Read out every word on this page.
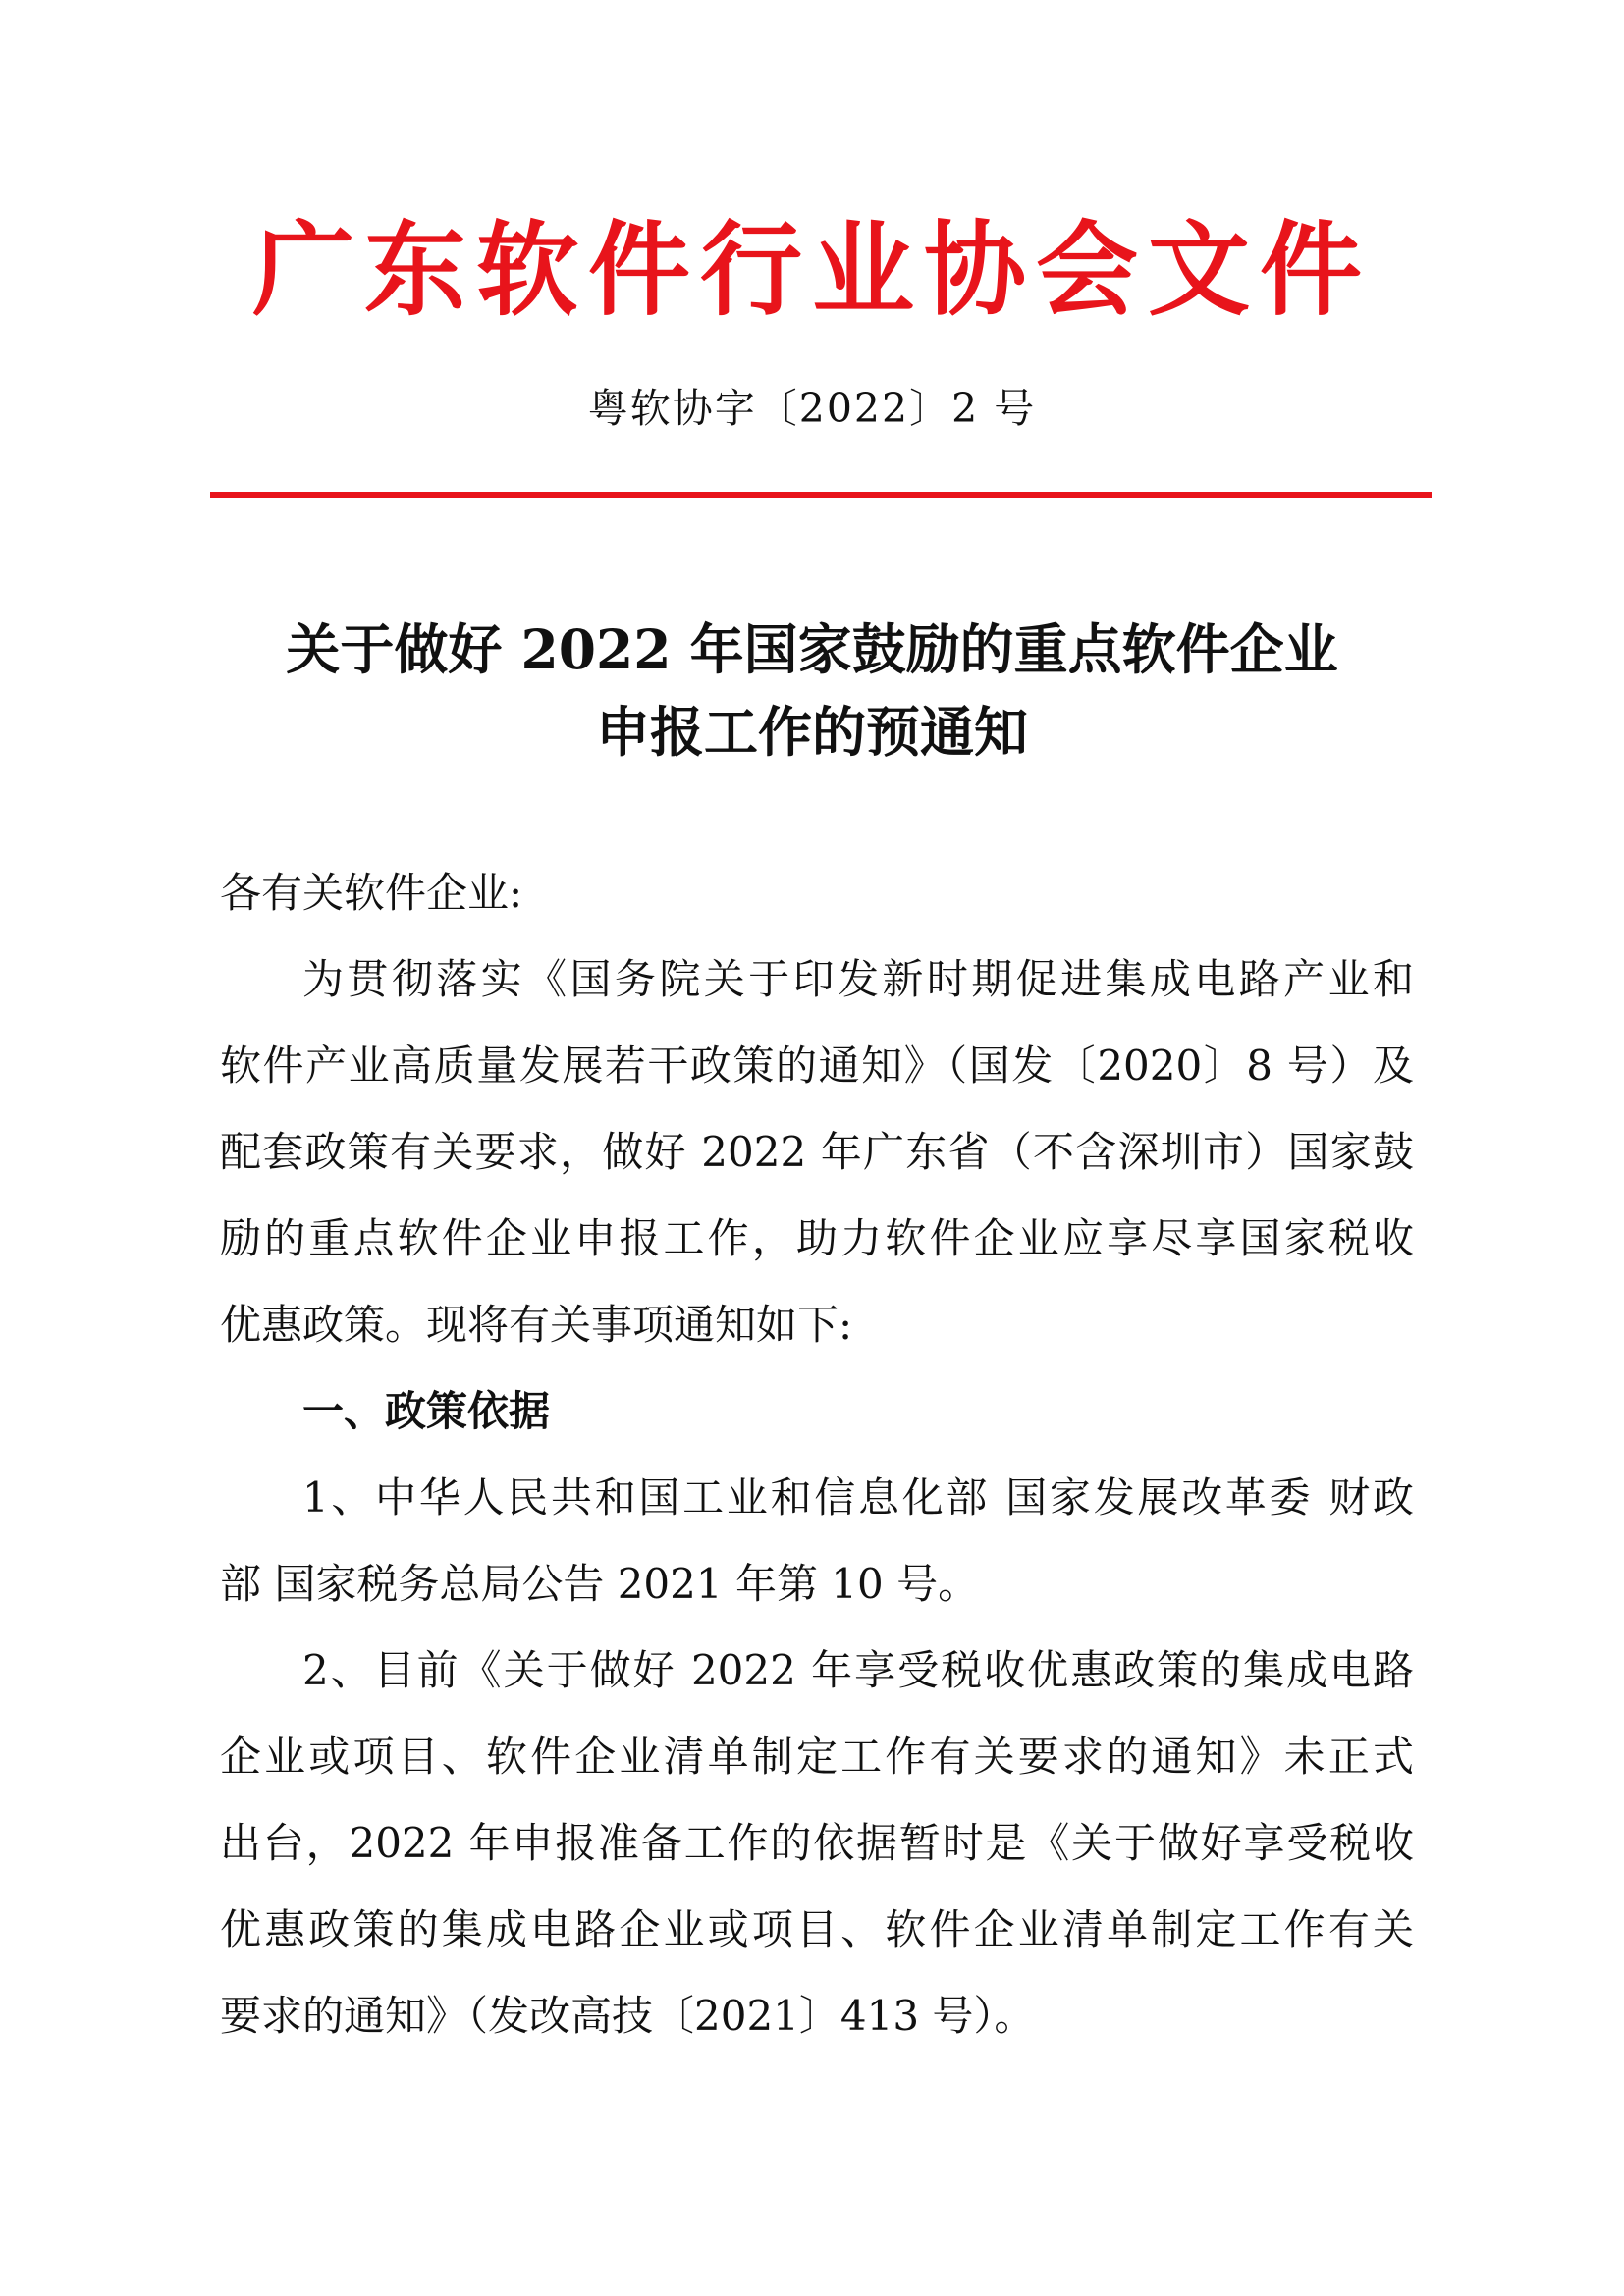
广东软件行业协会文件
粤软协字〔2022〕2 号
关于做好 2022 年国家鼓励的重点软件企业
申报工作的预通知
各有关软件企业:
为贯彻落实《国务院关于印发新时期促进集成电路产业和
软件产业高质量发展若干政策的通知》（国发〔2020〕8 号）及
配套政策有关要求，做好 2022 年广东省（不含深圳市）国家鼓
励的重点软件企业申报工作，助力软件企业应享尽享国家税收
优惠政策。现将有关事项通知如下:
一、政策依据
1、中华人民共和国工业和信息化部 国家发展改革委 财政
部 国家税务总局公告 2021 年第 10 号。
2、目前《关于做好 2022 年享受税收优惠政策的集成电路
企业或项目、软件企业清单制定工作有关要求的通知》未正式
出台，2022 年申报准备工作的依据暂时是《关于做好享受税收
优惠政策的集成电路企业或项目、软件企业清单制定工作有关
要求的通知》（发改高技〔2021〕413 号）。
